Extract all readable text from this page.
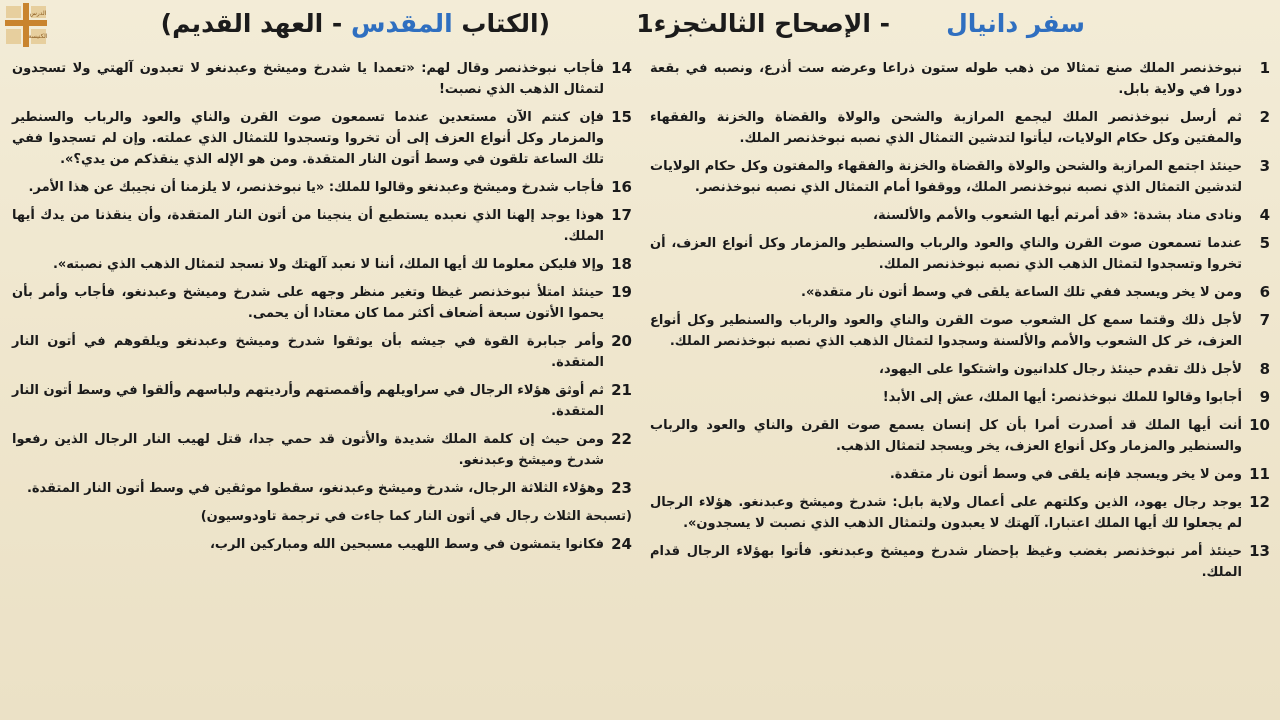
سفر دانيال
- الإصحاح الثالث
جزء1
(الكتاب المقدس - العهد القديم)
الدرس
الكنيسة
1
نبوخذنصر الملك صنع تمثالا من ذهب طوله ستون ذراعا وعرضه ست أذرع، ونصبه في بقعة دورا في ولاية بابل.
2
ثم أرسل نبوخذنصر الملك ليجمع المرازبة والشحن والولاة والقضاة والخزنة والفقهاء والمفتين وكل حكام الولايات، ليأتوا لتدشين التمثال الذي نصبه نبوخذنصر الملك.
3
حينئذ اجتمع المرازبة والشحن والولاة والقضاة والخزنة والفقهاء والمفتون وكل حكام الولايات لتدشين التمثال الذي نصبه نبوخذنصر الملك، ووقفوا أمام التمثال الذي نصبه نبوخذنصر.
4
ونادى مناد بشدة: «قد أمرتم أيها الشعوب والأمم والألسنة،
5
عندما تسمعون صوت القرن والناي والعود والرباب والسنطير والمزمار وكل أنواع العزف، أن تخروا وتسجدوا لتمثال الذهب الذي نصبه نبوخذنصر الملك.
6
ومن لا يخر ويسجد ففي تلك الساعة يلقى في وسط أتون نار متقدة».
7
لأجل ذلك وقتما سمع كل الشعوب صوت القرن والناي والعود والرباب والسنطير وكل أنواع العزف، خر كل الشعوب والأمم والألسنة وسجدوا لتمثال الذهب الذي نصبه نبوخذنصر الملك.
8
لأجل ذلك تقدم حينئذ رجال كلدانيون واشتكوا على اليهود،
9
أجابوا وقالوا للملك نبوخذنصر: أيها الملك، عش إلى الأبد!
10
أنت أيها الملك قد أصدرت أمرا بأن كل إنسان يسمع صوت القرن والناي والعود والرباب والسنطير والمزمار وكل أنواع العزف، يخر ويسجد لتمثال الذهب.
11
ومن لا يخر ويسجد فإنه يلقى في وسط أتون نار متقدة.
12
يوجد رجال يهود، الذين وكلتهم على أعمال ولاية بابل: شدرخ وميشخ وعبدنغو. هؤلاء الرجال لم يجعلوا لك أيها الملك اعتبارا. آلهتك لا يعبدون ولتمثال الذهب الذي نصبت لا يسجدون».
13
حينئذ أمر نبوخذنصر بغضب وغيظ بإحضار شدرخ وميشخ وعبدنغو. فأتوا بهؤلاء الرجال قدام الملك.
14
فأجاب نبوخذنصر وقال لهم: «تعمدا يا شدرخ وميشخ وعبدنغو لا تعبدون آلهتي ولا تسجدون لتمثال الذهب الذي نصبت!
15
فإن كنتم الآن مستعدين عندما تسمعون صوت القرن والناي والعود والرباب والسنطير والمزمار وكل أنواع العزف إلى أن تخروا وتسجدوا للتمثال الذي عملته. وإن لم تسجدوا ففي تلك الساعة تلقون في وسط أتون النار المتقدة. ومن هو الإله الذي ينقذكم من يدي؟».
16
فأجاب شدرخ وميشخ وعبدنغو وقالوا للملك: «يا نبوخذنصر، لا يلزمنا أن نجيبك عن هذا الأمر.
17
هوذا يوجد إلهنا الذي نعبده يستطيع أن ينجينا من أتون النار المتقدة، وأن ينقذنا من يدك أيها الملك.
18
وإلا فليكن معلوما لك أيها الملك، أننا لا نعبد آلهتك ولا نسجد لتمثال الذهب الذي نصبته».
19
حينئذ امتلأ نبوخذنصر غيظا وتغير منظر وجهه على شدرخ وميشخ وعبدنغو، فأجاب وأمر بأن يحموا الأتون سبعة أضعاف أكثر مما كان معتادا أن يحمى.
20
وأمر جبابرة القوة في جيشه بأن يوثقوا شدرخ وميشخ وعبدنغو ويلقوهم في أتون النار المتقدة.
21
ثم أوثق هؤلاء الرجال في سراويلهم وأقمصتهم وأرديتهم ولباسهم وألقوا في وسط أتون النار المتقدة.
22
ومن حيث إن كلمة الملك شديدة والأتون قد حمي جدا، قتل لهيب النار الرجال الذين رفعوا شدرخ وميشخ وعبدنغو.
23
وهؤلاء الثلاثة الرجال، شدرخ وميشخ وعبدنغو، سقطوا موثقين في وسط أتون النار المتقدة.
(تسبحة الثلاث رجال في أتون النار كما جاءت في ترجمة تاودوسيون)
24
فكانوا يتمشون في وسط اللهيب مسبحين الله ومباركين الرب،
